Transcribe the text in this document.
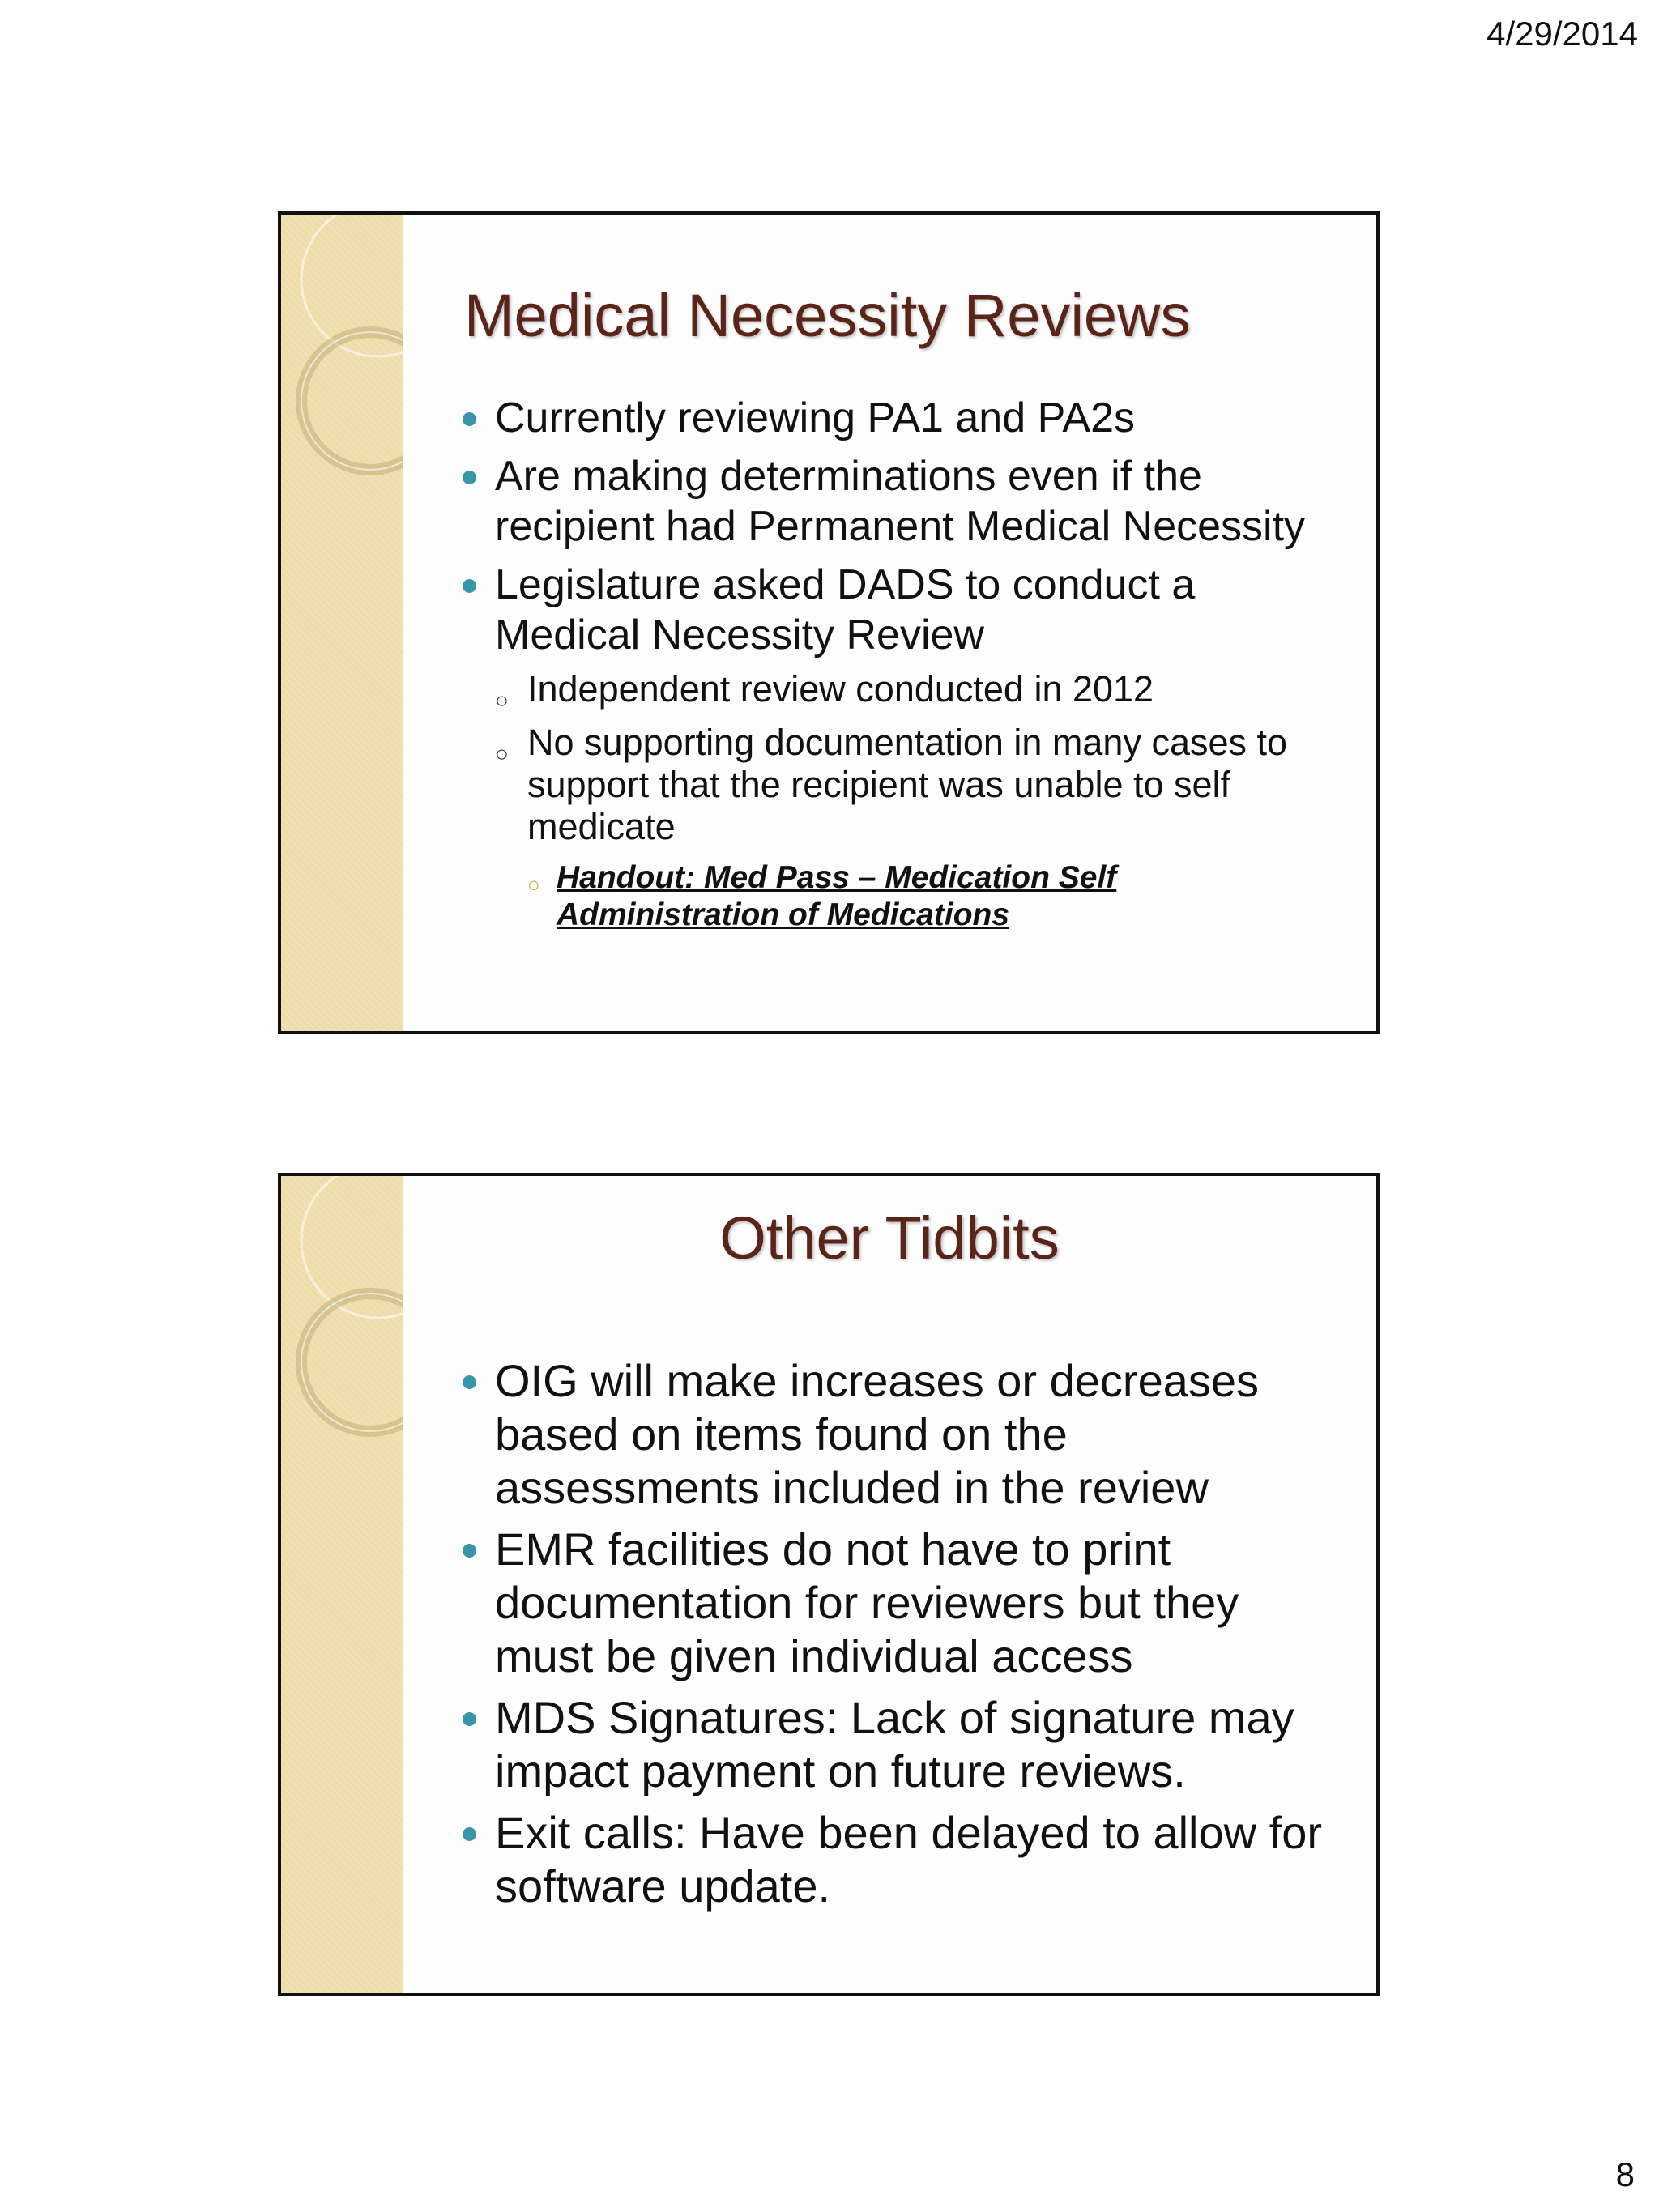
4/29/2014
Medical Necessity Reviews
Currently reviewing PA1 and PA2s
Are making determinations even if the recipient had Permanent Medical Necessity
Legislature asked DADS to conduct a Medical Necessity Review
○ Independent review conducted in 2012
○ No supporting documentation in many cases to support that the recipient was unable to self medicate
○ Handout: Med Pass – Medication Self Administration of Medications
Other Tidbits
OIG will make increases or decreases based on items found on the assessments included in the review
EMR facilities do not have to print documentation for reviewers but they must be given individual access
MDS Signatures: Lack of signature may impact payment on future reviews.
Exit calls: Have been delayed to allow for software update.
8
